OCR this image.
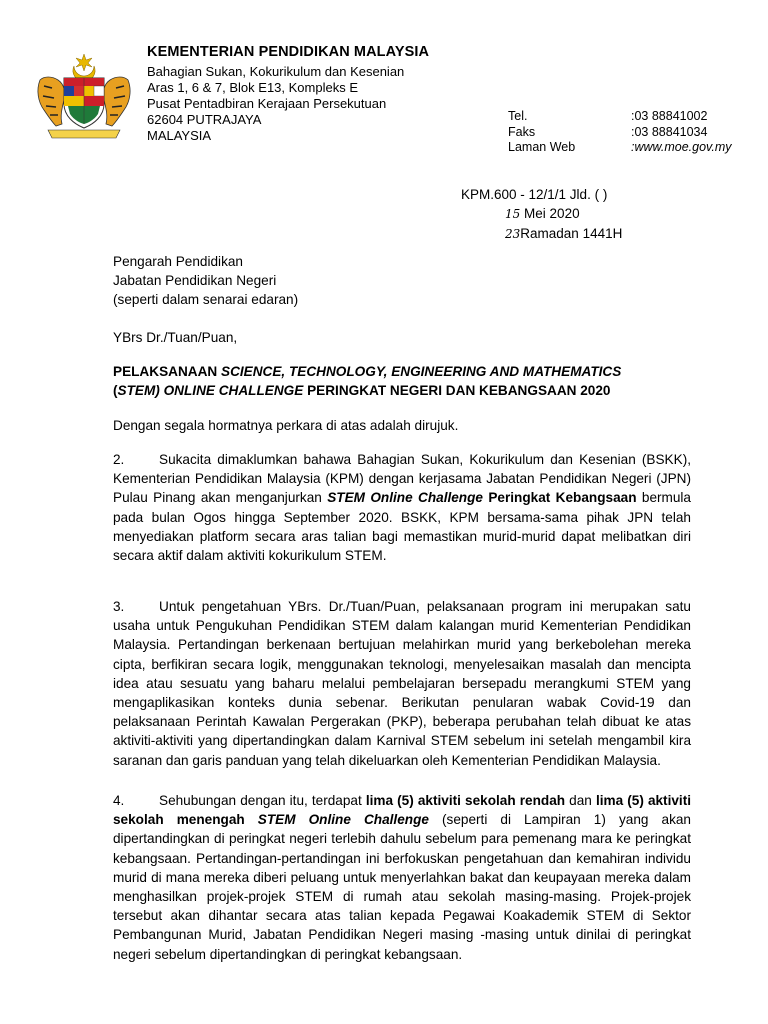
KEMENTERIAN PENDIDIKAN MALAYSIA
Bahagian Sukan, Kokurikulum dan Kesenian
Aras 1, 6 & 7, Blok E13, Kompleks E
Pusat Pentadbiran Kerajaan Persekutuan
62604 PUTRAJAYA
MALAYSIA
Tel.	:03 88841002
Faks	:03 88841034
Laman Web	:www.moe.gov.my
KPM.600 - 12/1/1 Jld. ( )
15 Mei 2020
23Ramadan 1441H
Pengarah Pendidikan
Jabatan Pendidikan Negeri
(seperti dalam senarai edaran)
YBrs Dr./Tuan/Puan,
PELAKSANAAN SCIENCE, TECHNOLOGY, ENGINEERING AND MATHEMATICS
(STEM) ONLINE CHALLENGE PERINGKAT NEGERI DAN KEBANGSAAN 2020
Dengan segala hormatnya perkara di atas adalah dirujuk.
2.	Sukacita dimaklumkan bahawa Bahagian Sukan, Kokurikulum dan Kesenian (BSKK), Kementerian Pendidikan Malaysia (KPM) dengan kerjasama Jabatan Pendidikan Negeri (JPN) Pulau Pinang akan menganjurkan STEM Online Challenge Peringkat Kebangsaan bermula pada bulan Ogos hingga September 2020. BSKK, KPM bersama-sama pihak JPN telah menyediakan platform secara aras talian bagi memastikan murid-murid dapat melibatkan diri secara aktif dalam aktiviti kokurikulum STEM.
3.	Untuk pengetahuan YBrs. Dr./Tuan/Puan, pelaksanaan program ini merupakan satu usaha untuk Pengukuhan Pendidikan STEM dalam kalangan murid Kementerian Pendidikan Malaysia. Pertandingan berkenaan bertujuan melahirkan murid yang berkebolehan mereka cipta, berfikiran secara logik, menggunakan teknologi, menyelesaikan masalah dan mencipta idea atau sesuatu yang baharu melalui pembelajaran bersepadu merangkumi STEM yang mengaplikasikan konteks dunia sebenar. Berikutan penularan wabak Covid-19 dan pelaksanaan Perintah Kawalan Pergerakan (PKP), beberapa perubahan telah dibuat ke atas aktiviti-aktiviti yang dipertandingkan dalam Karnival STEM sebelum ini setelah mengambil kira saranan dan garis panduan yang telah dikeluarkan oleh Kementerian Pendidikan Malaysia.
4.	Sehubungan dengan itu, terdapat lima (5) aktiviti sekolah rendah dan lima (5) aktiviti sekolah menengah STEM Online Challenge (seperti di Lampiran 1) yang akan dipertandingkan di peringkat negeri terlebih dahulu sebelum para pemenang mara ke peringkat kebangsaan. Pertandingan-pertandingan ini berfokuskan pengetahuan dan kemahiran individu murid di mana mereka diberi peluang untuk menyerlahkan bakat dan keupayaan mereka dalam menghasilkan projek-projek STEM di rumah atau sekolah masing-masing. Projek-projek tersebut akan dihantar secara atas talian kepada Pegawai Koakademik STEM di Sektor Pembangunan Murid, Jabatan Pendidikan Negeri masing -masing untuk dinilai di peringkat negeri sebelum dipertandingkan di peringkat kebangsaan.
